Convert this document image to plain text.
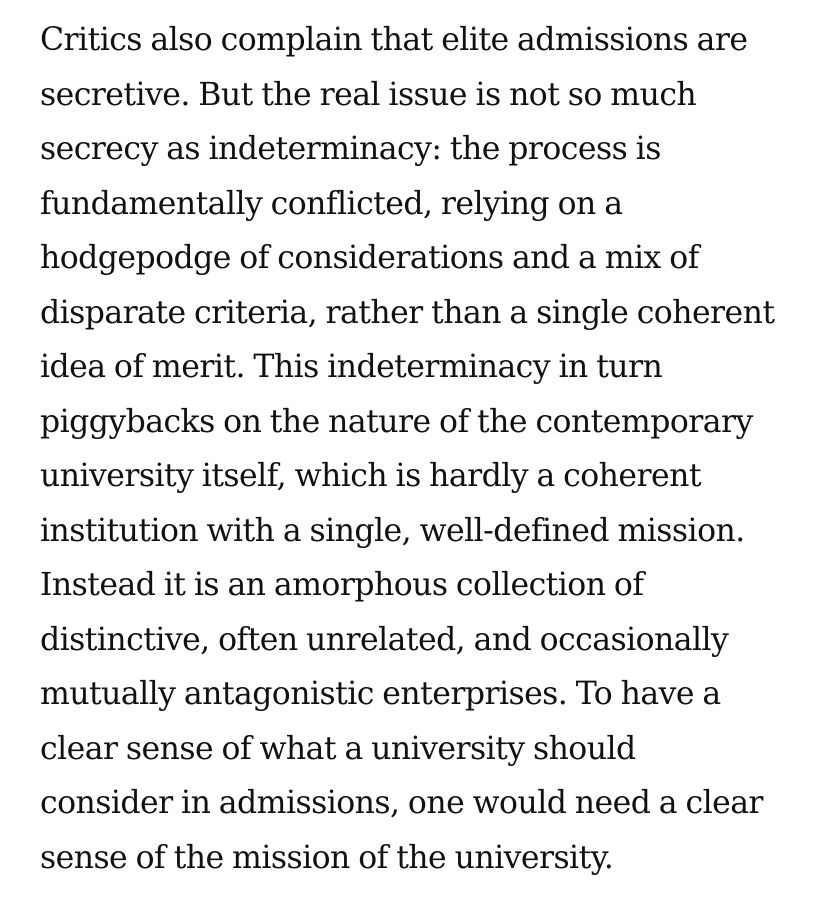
Critics also complain that elite admissions are
secretive. But the real issue is not so much
secrecy as indeterminacy: the process is
fundamentally conflicted, relying on a
hodgepodge of considerations and a mix of
disparate criteria, rather than a single coherent
idea of merit. This indeterminacy in turn
piggybacks on the nature of the contemporary
university itself, which is hardly a coherent
institution with a single, well-defined mission.
Instead it is an amorphous collection of
distinctive, often unrelated, and occasionally
mutually antagonistic enterprises. To have a
clear sense of what a university should
consider in admissions, one would need a clear
sense of the mission of the university.
